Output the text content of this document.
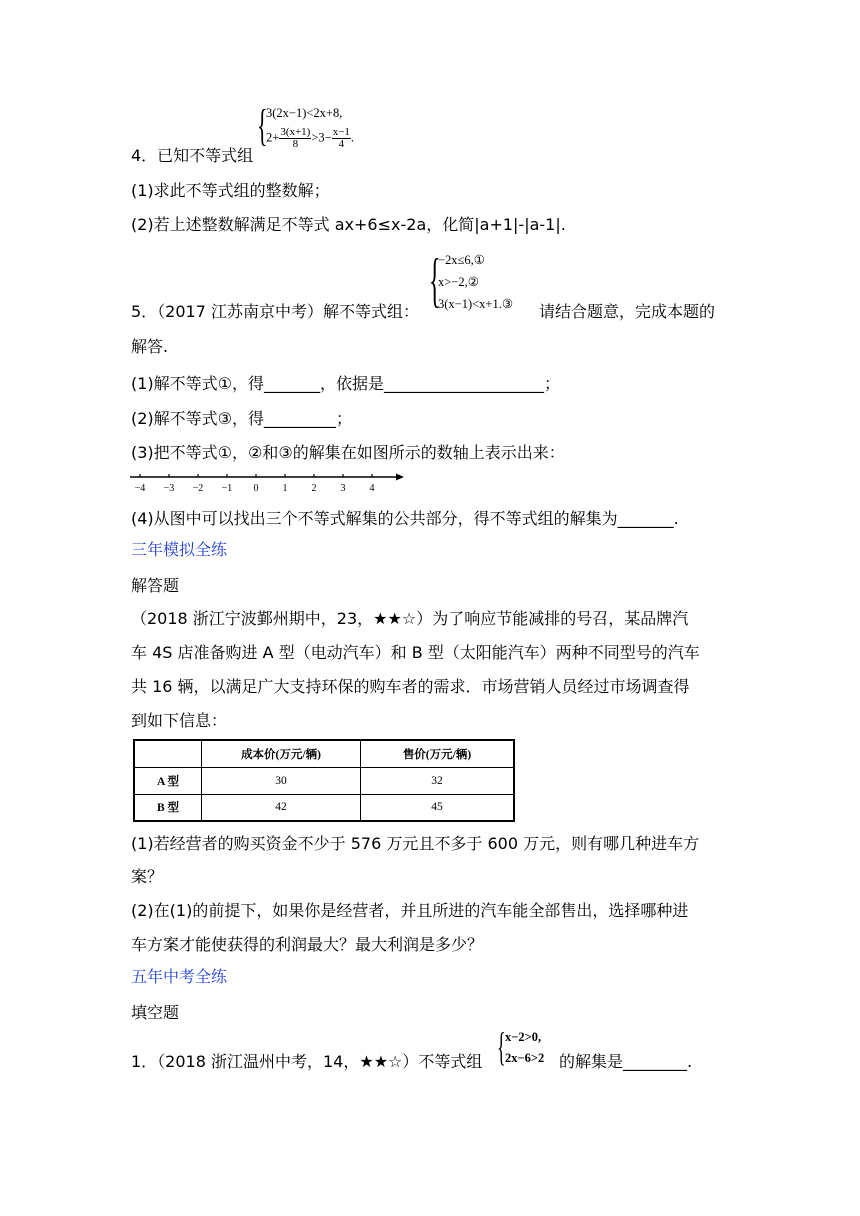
{
3(2x−1)<2x+8,
$2+ \frac{3(x+1)}{8} >3- \frac{x-1}{4}$ .
4．已知不等式组
(1)求此不等式组的整数解；
(2)若上述整数解满足不等式 ax+6≤x-2a，化简|a+1|-|a-1|.
{
−2x≤6,①
x>−2,②
3(x−1)<x+1.③
5．（2017 江苏南京中考）解不等式组：	请结合题意，完成本题的
解答.
(1)解不等式①，得_______，依据是____________________；
(2)解不等式③，得_________；
(3)把不等式①，②和③的解集在如图所示的数轴上表示出来：
−4 −3 −2 −1 0 1 2 3 4
(4)从图中可以找出三个不等式解集的公共部分，得不等式组的解集为_______.
三年模拟全练
解答题
（2018 浙江宁波鄞州期中，23，★★☆）为了响应节能减排的号召，某品牌汽
车 4S 店准备购进 A 型（电动汽车）和 B 型（太阳能汽车）两种不同型号的汽车
共 16 辆，以满足广大支持环保的购车者的需求．市场营销人员经过市场调查得
到如下信息：
	成本价(万元/辆)	售价(万元/辆)
A 型	30	32
B 型	42	45
(1)若经营者的购买资金不少于 576 万元且不多于 600 万元，则有哪几种进车方
案？
(2)在(1)的前提下，如果你是经营者，并且所进的汽车能全部售出，选择哪种进
车方案才能使获得的利润最大？最大利润是多少？
五年中考全练
填空题
{ x−2>0,
2x−6>2
1．（2018 浙江温州中考，14，★★☆）不等式组	的解集是________.
